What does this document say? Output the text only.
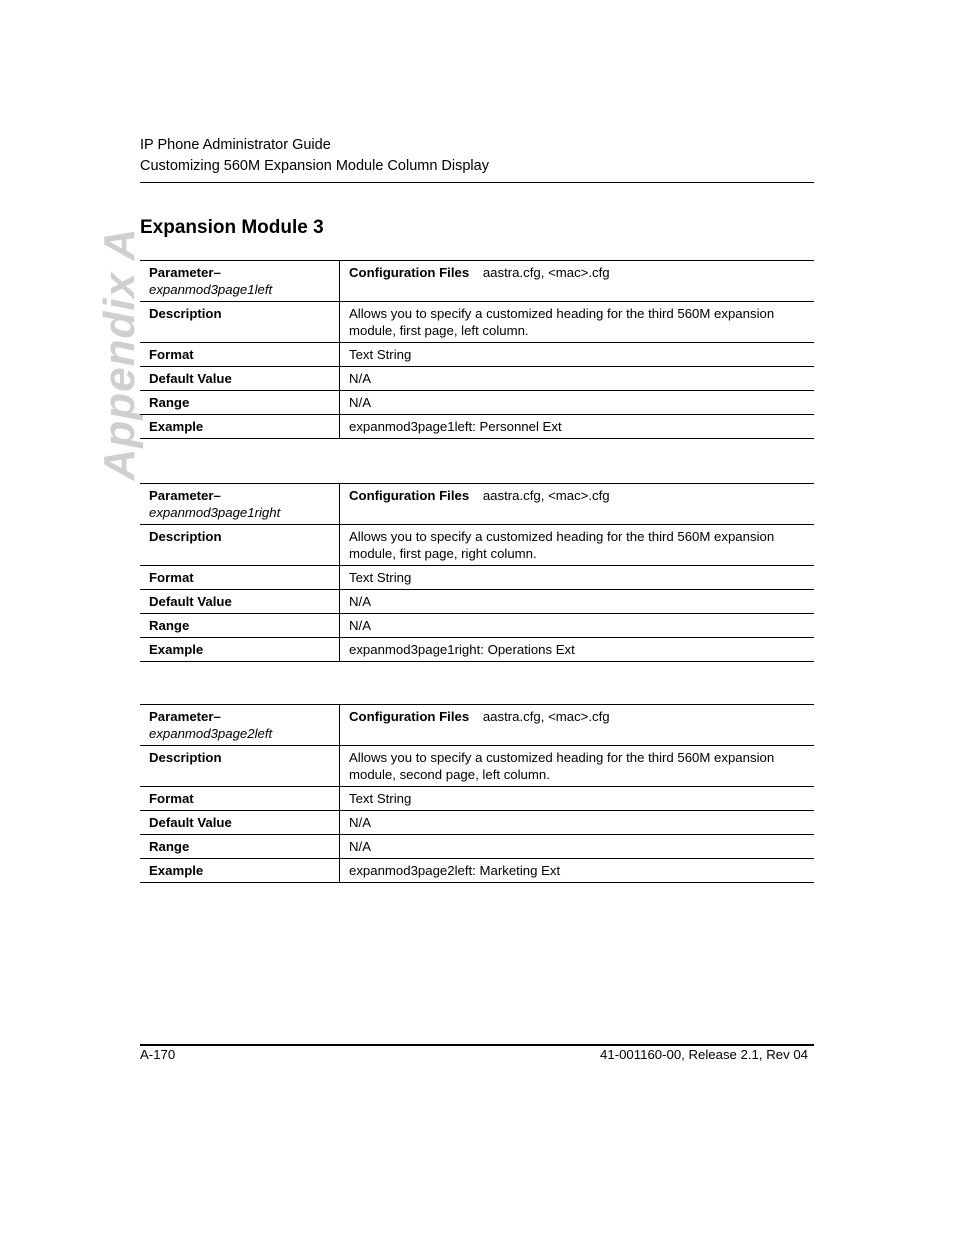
IP Phone Administrator Guide
Customizing 560M Expansion Module Column Display
Appendix A
Expansion Module 3
Parameter–
expanmod3page1left	Configuration Files aastra.cfg, <mac>.cfg
Description	Allows you to specify a customized heading for the third 560M expansion module, first page, left column.
Format	Text String
Default Value	N/A
Range	N/A
Example	expanmod3page1left: Personnel Ext
Parameter–
expanmod3page1right	Configuration Files aastra.cfg, <mac>.cfg
Description	Allows you to specify a customized heading for the third 560M expansion module, first page, right column.
Format	Text String
Default Value	N/A
Range	N/A
Example	expanmod3page1right: Operations Ext
Parameter–
expanmod3page2left	Configuration Files aastra.cfg, <mac>.cfg
Description	Allows you to specify a customized heading for the third 560M expansion module, second page, left column.
Format	Text String
Default Value	N/A
Range	N/A
Example	expanmod3page2left: Marketing Ext
A-170	41-001160-00, Release 2.1, Rev 04
